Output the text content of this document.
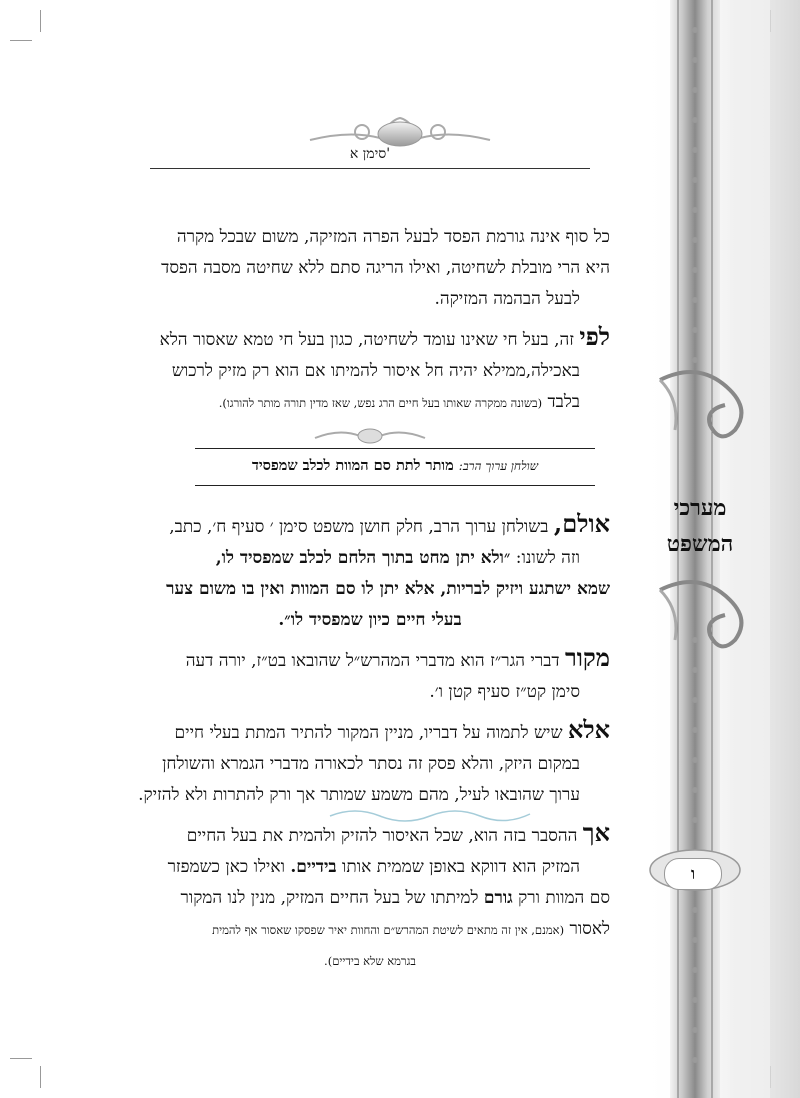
סימן א'

כל סוף אינה גורמת הפסד לבעל הפרה המזיקה, משום שבכל מקרה
היא הרי מובלת לשחיטה, ואילו הריגה סתם ללא שחיטה מסבה הפסד

לבעל הבהמה המזיקה.

לפי זה, בעל חי שאינו עומד לשחיטה, כגון בעל חי טמא שאסור הלא

באכילה,ממילא יהיה חל איסור להמיתו אם הוא רק מזיק לרכוש
בלבד (בשונה ממקרה שאותו בעל חיים הרג נפש, שאז מדין תורה מותר להורגו).

שולחן ערוך הרב: מותר לתת סם המוות לכלב שמפסיד

אולם, בשולחן ערוך הרב, חלק חושן משפט סימן ׳ סעיף ח׳, כתב,

וזה לשונו: ״ולא יתן מחט בתוך הלחם לכלב שמפסיד לו,
שמא ישתגע ויזיק לבריות, אלא יתן לו סם המוות ואין בו משום צער

בעלי חיים כיון שמפסיד לו״.

מקור דברי הגר״ז הוא מדברי המהרש״ל שהובאו בט״ז, יורה דעה

סימן קט״ז סעיף קטן ו׳.

אלא שיש לתמוה על דבריו, מניין המקור להתיר המתת בעלי חיים

במקום היזק, והלא פסק זה נסתר לכאורה מדברי הגמרא והשולחן
ערוך שהובאו לעיל, מהם משמע שמותר אך ורק להתרות ולא להזיק.

אך ההסבר בזה הוא, שכל האיסור להזיק ולהמית את בעל החיים

המזיק הוא דווקא באופן שממית אותו בידיים. ואילו כאן כשמפזר
סם המוות ורק גורם למיתתו של בעל החיים המזיק, מנין לנו המקור
לאסור (אמנם, אין זה מתאים לשיטת המהרש״ם והחוות יאיר שפסקו שאסור אף להמית

בגרמא שלא בידיים).

מערכי
המשפט
ו
